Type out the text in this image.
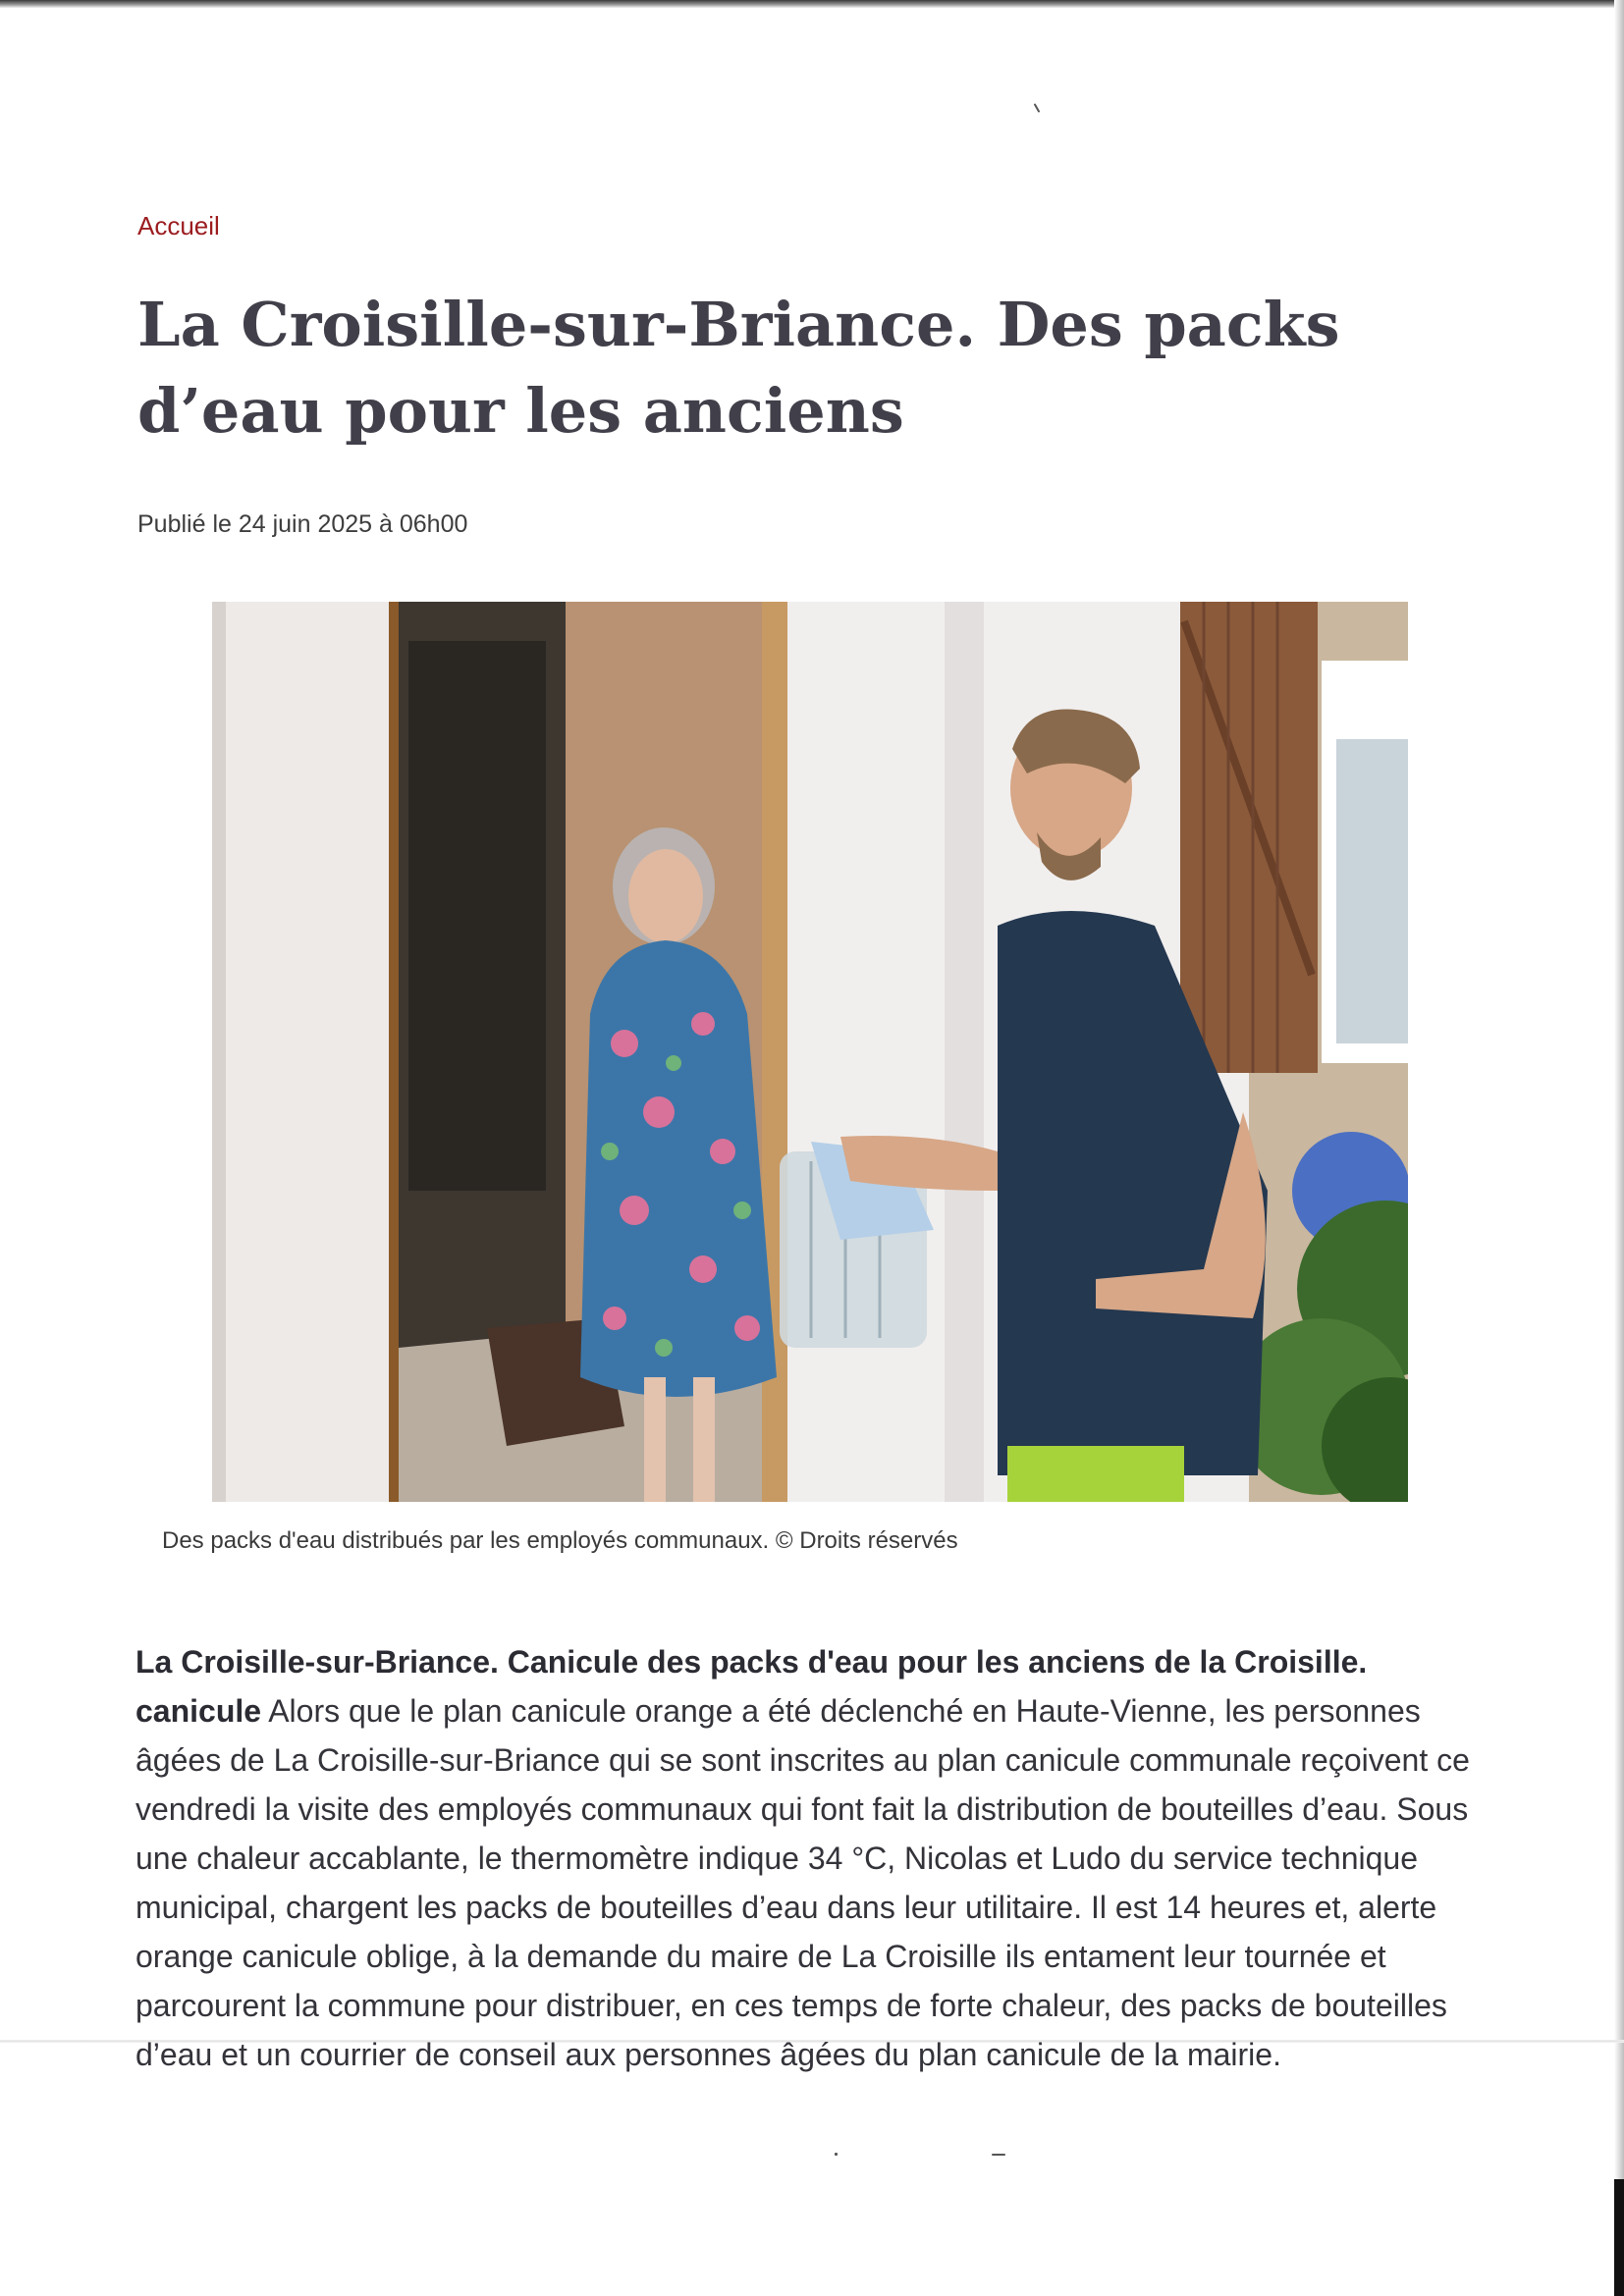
Accueil
La Croisille-sur-Briance. Des packs d’eau pour les anciens
Publié le 24 juin 2025 à 06h00
Des packs d'eau distribués par les employés communaux. © Droits réservés

La Croisille-sur-Briance. Canicule des packs d'eau pour les anciens de la Croisille.
canicule Alors que le plan canicule orange a été déclenché en Haute-Vienne, les personnes âgées de La Croisille-sur-Briance qui se sont inscrites au plan canicule communale reçoivent ce vendredi la visite des employés communaux qui font fait la distribution de bouteilles d’eau. Sous une chaleur accablante, le thermomètre indique 34 °C, Nicolas et Ludo du service technique municipal, chargent les packs de bouteilles d’eau dans leur utilitaire. Il est 14 heures et, alerte orange canicule oblige, à la demande du maire de La Croisille ils entament leur tournée et parcourent la commune pour distribuer, en ces temps de forte chaleur, des packs de bouteilles d’eau et un courrier de conseil aux personnes âgées du plan canicule de la mairie.
